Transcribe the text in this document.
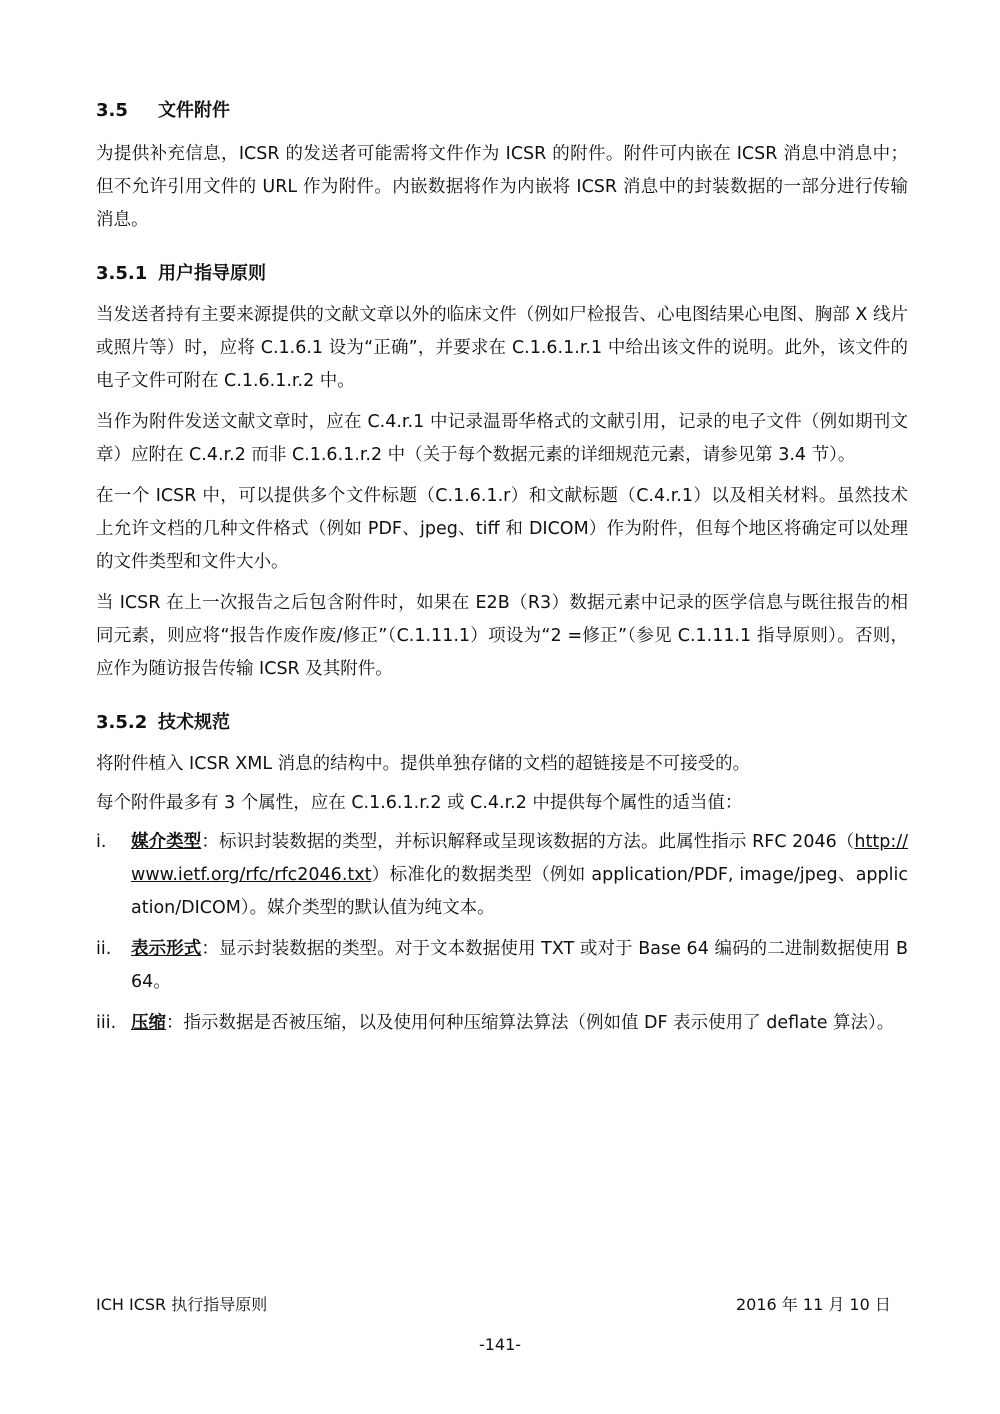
3.5 文件附件

为提供补充信息，ICSR 的发送者可能需将文件作为 ICSR 的附件。附件可内嵌在 ICSR 消息中消息中；但不允许引用文件的 URL 作为附件。内嵌数据将作为内嵌将 ICSR 消息中的封装数据的一部分进行传输消息。

3.5.1 用户指导原则

当发送者持有主要来源提供的文献文章以外的临床文件（例如尸检报告、心电图结果心电图、胸部 X 线片或照片等）时，应将 C.1.6.1 设为“正确”，并要求在 C.1.6.1.r.1 中给出该文件的说明。此外，该文件的电子文件可附在 C.1.6.1.r.2 中。

当作为附件发送文献文章时，应在 C.4.r.1 中记录温哥华格式的文献引用，记录的电子文件（例如期刊文章）应附在 C.4.r.2 而非 C.1.6.1.r.2 中（关于每个数据元素的详细规范元素，请参见第 3.4 节）。

在一个 ICSR 中，可以提供多个文件标题（C.1.6.1.r）和文献标题（C.4.r.1）以及相关材料。虽然技术上允许文档的几种文件格式（例如 PDF、jpeg、tiff 和 DICOM）作为附件，但每个地区将确定可以处理的文件类型和文件大小。

当 ICSR 在上一次报告之后包含附件时，如果在 E2B（R3）数据元素中记录的医学信息与既往报告的相同元素，则应将“报告作废作废/修正”（C.1.11.1）项设为“2 =修正”（参见 C.1.11.1 指导原则）。否则，应作为随访报告传输 ICSR 及其附件。

3.5.2 技术规范

将附件植入 ICSR XML 消息的结构中。提供单独存储的文档的超链接是不可接受的。

每个附件最多有 3 个属性，应在 C.1.6.1.r.2 或 C.4.r.2 中提供每个属性的适当值：

i. 媒介类型：标识封装数据的类型，并标识解释或呈现该数据的方法。此属性指示 RFC 2046（http://www.ietf.org/rfc/rfc2046.txt）标准化的数据类型（例如 application/PDF, image/jpeg、application/DICOM）。媒介类型的默认值为纯文本。
ii. 表示形式：显示封装数据的类型。对于文本数据使用 TXT 或对于 Base 64 编码的二进制数据使用 B64。
iii. 压缩：指示数据是否被压缩，以及使用何种压缩算法算法（例如值 DF 表示使用了 deflate 算法）。
ICH ICSR 执行指导原则	2016 年 11 月 10 日
-141-
